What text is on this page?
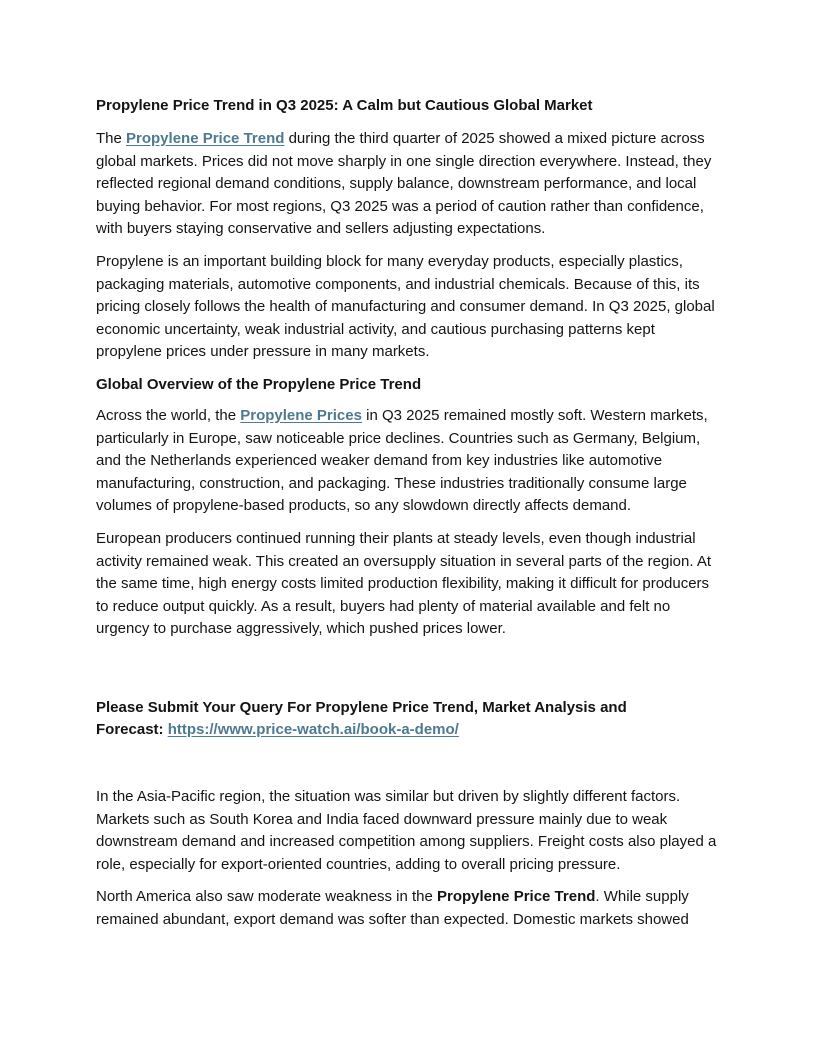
Propylene Price Trend in Q3 2025: A Calm but Cautious Global Market

The Propylene Price Trend during the third quarter of 2025 showed a mixed picture across global markets. Prices did not move sharply in one single direction everywhere. Instead, they reflected regional demand conditions, supply balance, downstream performance, and local buying behavior. For most regions, Q3 2025 was a period of caution rather than confidence, with buyers staying conservative and sellers adjusting expectations.

Propylene is an important building block for many everyday products, especially plastics, packaging materials, automotive components, and industrial chemicals. Because of this, its pricing closely follows the health of manufacturing and consumer demand. In Q3 2025, global economic uncertainty, weak industrial activity, and cautious purchasing patterns kept propylene prices under pressure in many markets.

Global Overview of the Propylene Price Trend

Across the world, the Propylene Prices in Q3 2025 remained mostly soft. Western markets, particularly in Europe, saw noticeable price declines. Countries such as Germany, Belgium, and the Netherlands experienced weaker demand from key industries like automotive manufacturing, construction, and packaging. These industries traditionally consume large volumes of propylene-based products, so any slowdown directly affects demand.

European producers continued running their plants at steady levels, even though industrial activity remained weak. This created an oversupply situation in several parts of the region. At the same time, high energy costs limited production flexibility, making it difficult for producers to reduce output quickly. As a result, buyers had plenty of material available and felt no urgency to purchase aggressively, which pushed prices lower.

Please Submit Your Query For Propylene Price Trend, Market Analysis and Forecast: https://www.price-watch.ai/book-a-demo/

In the Asia-Pacific region, the situation was similar but driven by slightly different factors. Markets such as South Korea and India faced downward pressure mainly due to weak downstream demand and increased competition among suppliers. Freight costs also played a role, especially for export-oriented countries, adding to overall pricing pressure.

North America also saw moderate weakness in the Propylene Price Trend. While supply remained abundant, export demand was softer than expected. Domestic markets showed
